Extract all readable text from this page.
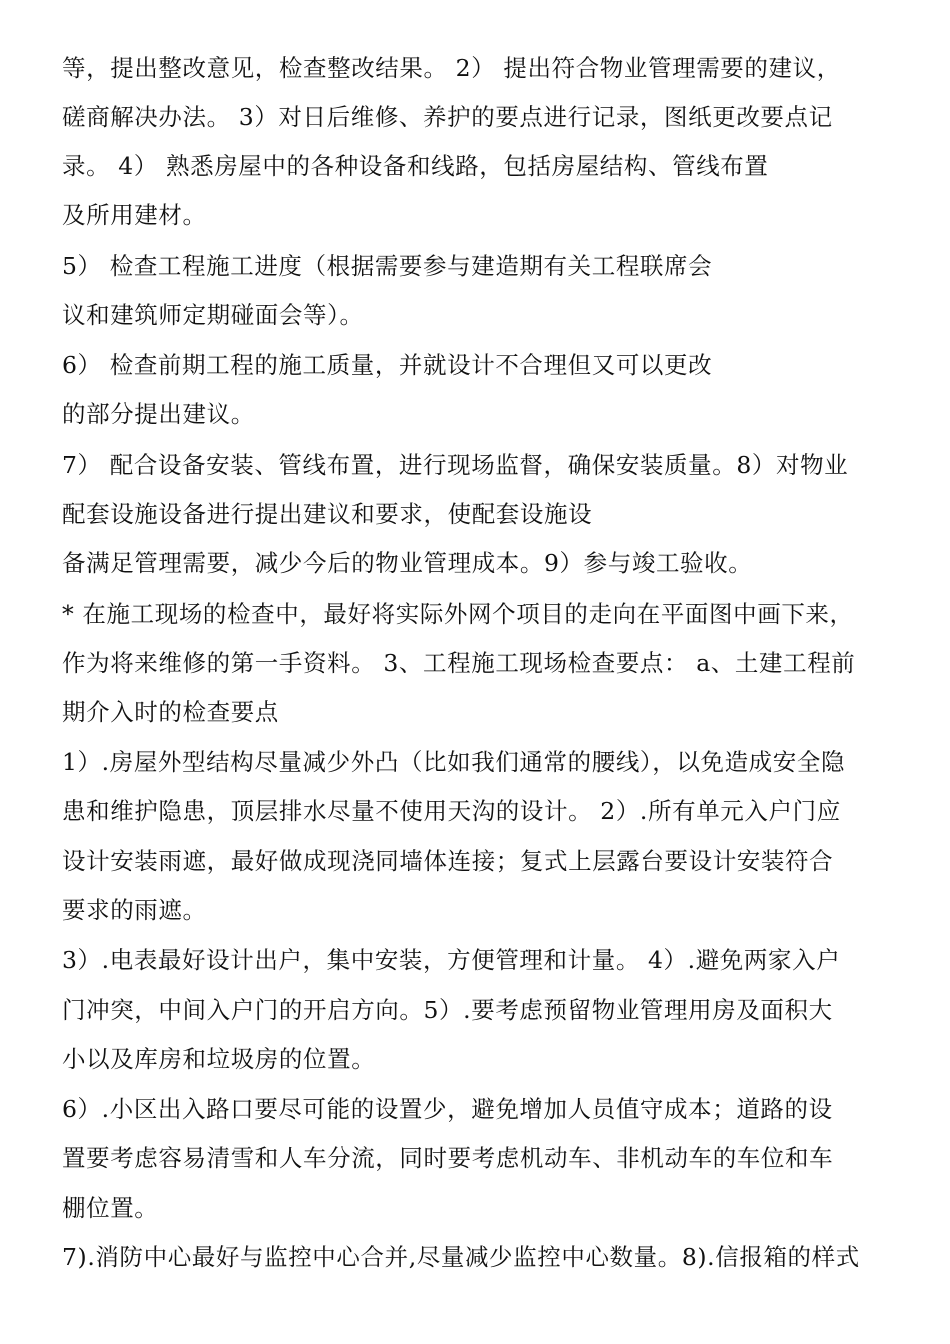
等，提出整改意见，检查整改结果。 2） 提出符合物业管理需要的建议，
磋商解决办法。 3）对日后维修、养护的要点进行记录，图纸更改要点记
录。 4） 熟悉房屋中的各种设备和线路，包括房屋结构、管线布置
及所用建材。
5） 检查工程施工进度（根据需要参与建造期有关工程联席会
议和建筑师定期碰面会等）。
6） 检查前期工程的施工质量，并就设计不合理但又可以更改
的部分提出建议。
7） 配合设备安装、管线布置，进行现场监督，确保安装质量。8）对物业
配套设施设备进行提出建议和要求，使配套设施设
备满足管理需要，减少今后的物业管理成本。9）参与竣工验收。
* 在施工现场的检查中，最好将实际外网个项目的走向在平面图中画下来，
作为将来维修的第一手资料。 3、工程施工现场检查要点： a、土建工程前
期介入时的检查要点
1）.房屋外型结构尽量减少外凸（比如我们通常的腰线），以免造成安全隐
患和维护隐患，顶层排水尽量不使用天沟的设计。 2）.所有单元入户门应
设计安装雨遮，最好做成现浇同墙体连接；复式上层露台要设计安装符合
要求的雨遮。
3）.电表最好设计出户，集中安装，方便管理和计量。 4）.避免两家入户
门冲突，中间入户门的开启方向。5）.要考虑预留物业管理用房及面积大
小以及库房和垃圾房的位置。
6）.小区出入路口要尽可能的设置少，避免增加人员值守成本；道路的设
置要考虑容易清雪和人车分流，同时要考虑机动车、非机动车的车位和车
棚位置。
7).消防中心最好与监控中心合并,尽量减少监控中心数量。8).信报箱的样式
